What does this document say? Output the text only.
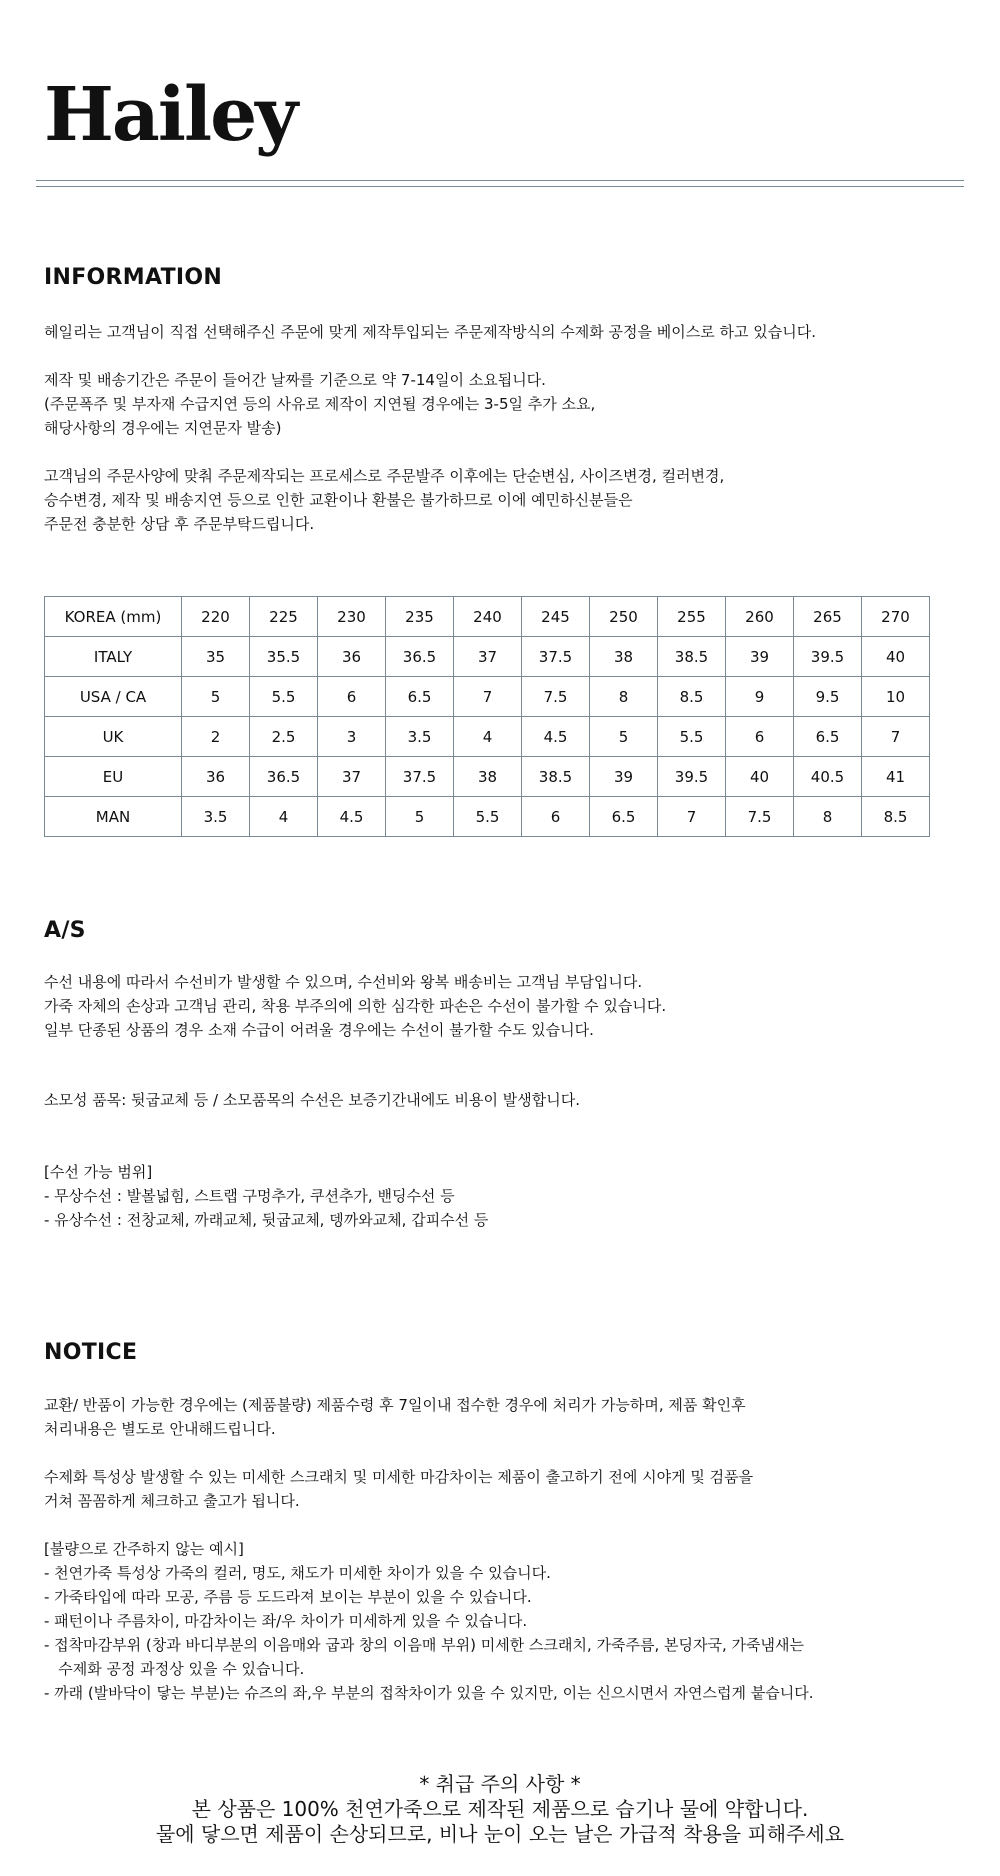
Hailey
INFORMATION
헤일리는 고객님이 직접 선택해주신 주문에 맞게 제작투입되는 주문제작방식의 수제화 공정을 베이스로 하고 있습니다.
제작 및 배송기간은 주문이 들어간 날짜를 기준으로 약 7-14일이 소요됩니다.
(주문폭주 및 부자재 수급지연 등의 사유로 제작이 지연될 경우에는 3-5일 추가 소요,
해당사항의 경우에는 지연문자 발송)
고객님의 주문사양에 맞춰 주문제작되는 프로세스로 주문발주 이후에는 단순변심, 사이즈변경, 컬러변경,
승수변경, 제작 및 배송지연 등으로 인한 교환이나 환불은 불가하므로 이에 예민하신분들은
주문전 충분한 상담 후 주문부탁드립니다.
KOREA (mm)	220	225	230	235	240	245	250	255	260	265	270
ITALY	35	35.5	36	36.5	37	37.5	38	38.5	39	39.5	40
USA / CA	5	5.5	6	6.5	7	7.5	8	8.5	9	9.5	10
UK	2	2.5	3	3.5	4	4.5	5	5.5	6	6.5	7
EU	36	36.5	37	37.5	38	38.5	39	39.5	40	40.5	41
MAN	3.5	4	4.5	5	5.5	6	6.5	7	7.5	8	8.5
A/S
수선 내용에 따라서 수선비가 발생할 수 있으며, 수선비와 왕복 배송비는 고객님 부담입니다.
가죽 자체의 손상과 고객님 관리, 착용 부주의에 의한 심각한 파손은 수선이 불가할 수 있습니다.
일부 단종된 상품의 경우 소재 수급이 어려울 경우에는 수선이 불가할 수도 있습니다.
소모성 품목: 뒷굽교체 등 / 소모품목의 수선은 보증기간내에도 비용이 발생합니다.
[수선 가능 범위]
- 무상수선 : 발볼넓힘, 스트랩 구멍추가, 쿠션추가, 밴딩수선 등
- 유상수선 : 전창교체, 까래교체, 뒷굽교체, 뎅까와교체, 갑피수선 등
NOTICE
교환/ 반품이 가능한 경우에는 (제품불량) 제품수령 후 7일이내 접수한 경우에 처리가 가능하며, 제품 확인후
처리내용은 별도로 안내해드립니다.
수제화 특성상 발생할 수 있는 미세한 스크래치 및 미세한 마감차이는 제품이 출고하기 전에 시야게 및 검품을
거쳐 꼼꼼하게 체크하고 출고가 됩니다.
[불량으로 간주하지 않는 예시]
- 천연가죽 특성상 가죽의 컬러, 명도, 채도가 미세한 차이가 있을 수 있습니다.
- 가죽타입에 따라 모공, 주름 등 도드라져 보이는 부분이 있을 수 있습니다.
- 패턴이나 주름차이, 마감차이는 좌/우 차이가 미세하게 있을 수 있습니다.
- 접착마감부위 (창과 바디부분의 이음매와 굽과 창의 이음매 부위) 미세한 스크래치, 가죽주름, 본딩자국, 가죽냄새는
수제화 공정 과정상 있을 수 있습니다.
- 까래 (발바닥이 닿는 부분)는 슈즈의 좌,우 부분의 접착차이가 있을 수 있지만, 이는 신으시면서 자연스럽게 붙습니다.
* 취급 주의 사항 *
본 상품은 100% 천연가죽으로 제작된 제품으로 습기나 물에 약합니다.
물에 닿으면 제품이 손상되므로, 비나 눈이 오는 날은 가급적 착용을 피해주세요
